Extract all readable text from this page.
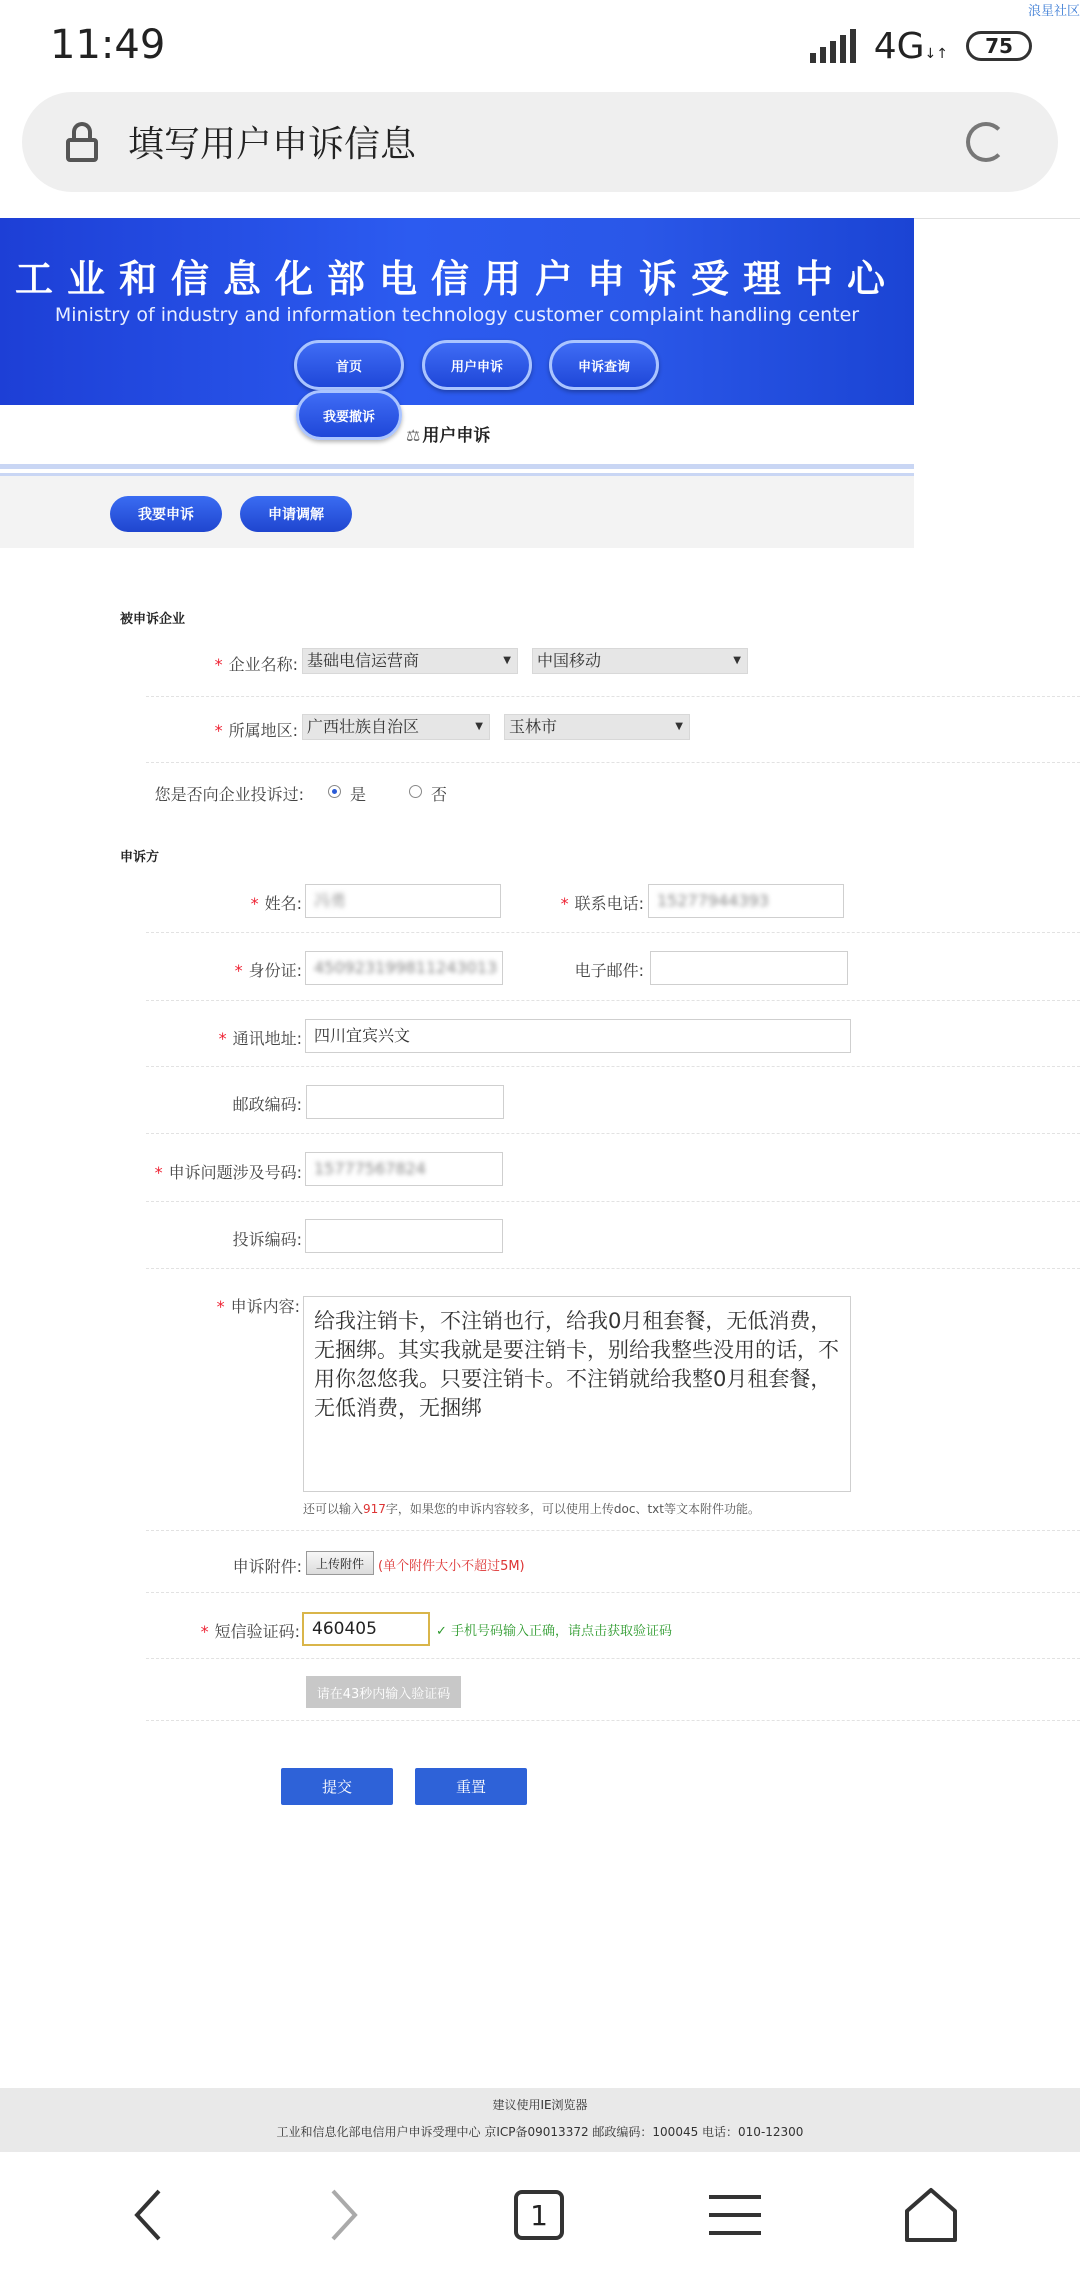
11:49	4G↓↑	75
浪星社区
填写用户申诉信息
工业和信息化部电信用户申诉受理中心
Ministry of industry and information technology customer complaint handling center
首页	用户申诉	申诉查询
我要撤诉
⚖ 用户申诉
我要申诉	申请调解
被申诉企业
* 企业名称: 基础电信运营商	▼	中国移动	▼
* 所属地区: 广西壮族自治区	▼	玉林市	▼
您是否向企业投诉过:	是	否
申诉方
* 姓名: 冯勇	* 联系电话: 15277944393
* 身份证: 450923199811243013	电子邮件:
* 通讯地址: 四川宜宾兴文
邮政编码:
* 申诉问题涉及号码: 15777567824
投诉编码:
* 申诉内容:
给我注销卡，不注销也行，给我0月租套餐，无低消费，无捆绑。其实我就是要注销卡，别给我整些没用的话，不用你忽悠我。只要注销卡。不注销就给我整0月租套餐，无低消费，无捆绑
还可以输入917字，如果您的申诉内容较多，可以使用上传doc、txt等文本附件功能。
申诉附件:	上传附件	(单个附件大小不超过5M)
* 短信验证码: 460405	✓ 手机号码输入正确，请点击获取验证码
请在43秒内输入验证码
提交	重置
建议使用IE浏览器
工业和信息化部电信用户申诉受理中心 京ICP备09013372 邮政编码：100045 电话：010-12300
1
